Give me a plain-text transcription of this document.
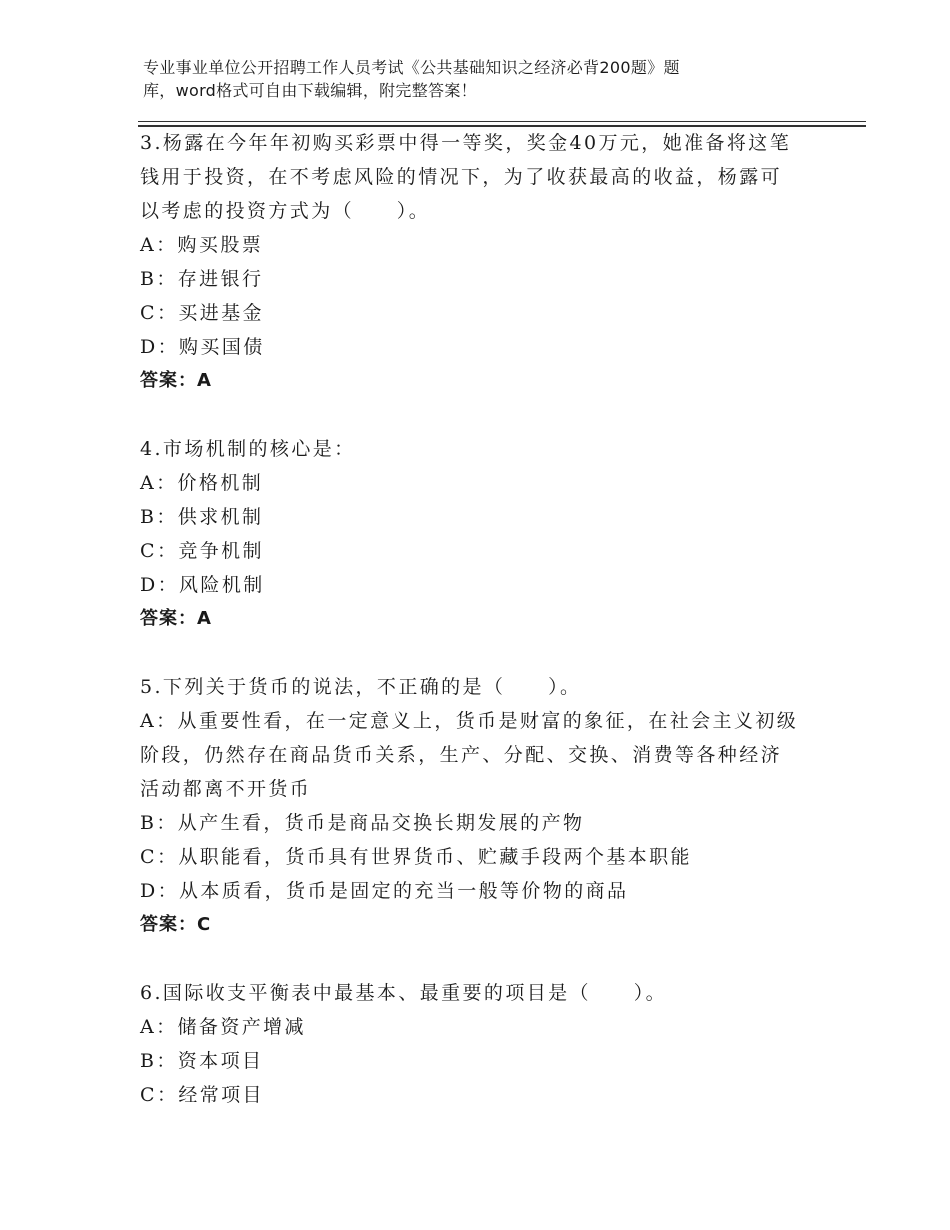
专业事业单位公开招聘工作人员考试《公共基础知识之经济必背200题》题
库，word格式可自由下载编辑，附完整答案！
3.杨露在今年年初购买彩票中得一等奖，奖金40万元，她准备将这笔
钱用于投资，在不考虑风险的情况下，为了收获最高的收益，杨露可
以考虑的投资方式为（　　）。
A：购买股票
B：存进银行
C：买进基金
D：购买国债
答案：A
4.市场机制的核心是：
A：价格机制
B：供求机制
C：竞争机制
D：风险机制
答案：A
5.下列关于货币的说法，不正确的是（　　）。
A：从重要性看，在一定意义上，货币是财富的象征，在社会主义初级
阶段，仍然存在商品货币关系，生产、分配、交换、消费等各种经济
活动都离不开货币
B：从产生看，货币是商品交换长期发展的产物
C：从职能看，货币具有世界货币、贮藏手段两个基本职能
D：从本质看，货币是固定的充当一般等价物的商品
答案：C
6.国际收支平衡表中最基本、最重要的项目是（　　）。
A：储备资产增减
B：资本项目
C：经常项目
